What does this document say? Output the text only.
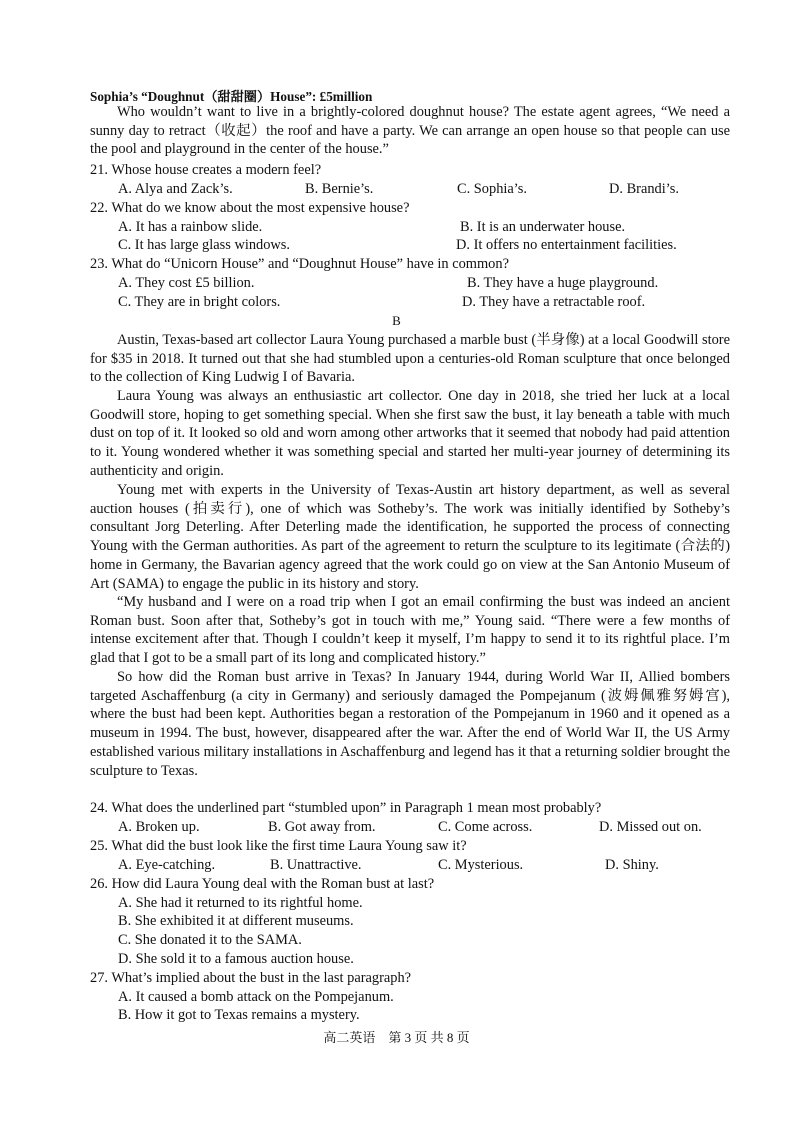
Sophia’s “Doughnut（甜甜圈）House”: £5million

Who wouldn’t want to live in a brightly-colored doughnut house? The estate agent agrees, “We need a sunny day to retract（收起）the roof and have a party. We can arrange an open house so that people can use the pool and playground in the center of the house.”

21. Whose house creates a modern feel?
A. Alya and Zack’s.	B. Bernie’s.	C. Sophia’s.	D. Brandi’s.
22. What do we know about the most expensive house?
A. It has a rainbow slide.	B. It is an underwater house.
C. It has large glass windows.	D. It offers no entertainment facilities.
23. What do “Unicorn House” and “Doughnut House” have in common?
A. They cost £5 billion.	B. They have a huge playground.
C. They are in bright colors.	D. They have a retractable roof.
B

Austin, Texas-based art collector Laura Young purchased a marble bust (半身像) at a local Goodwill store for $35 in 2018. It turned out that she had stumbled upon a centuries-old Roman sculpture that once belonged to the collection of King Ludwig I of Bavaria.

Laura Young was always an enthusiastic art collector. One day in 2018, she tried her luck at a local Goodwill store, hoping to get something special. When she first saw the bust, it lay beneath a table with much dust on top of it. It looked so old and worn among other artworks that it seemed that nobody had paid attention to it. Young wondered whether it was something special and started her multi-year journey of determining its authenticity and origin.

Young met with experts in the University of Texas-Austin art history department, as well as several auction houses (拍卖行), one of which was Sotheby’s. The work was initially identified by Sotheby’s consultant Jorg Deterling. After Deterling made the identification, he supported the process of connecting Young with the German authorities. As part of the agreement to return the sculpture to its legitimate (合法的) home in Germany, the Bavarian agency agreed that the work could go on view at the San Antonio Museum of Art (SAMA) to engage the public in its history and story.

“My husband and I were on a road trip when I got an email confirming the bust was indeed an ancient Roman bust. Soon after that, Sotheby’s got in touch with me,” Young said. “There were a few months of intense excitement after that. Though I couldn’t keep it myself, I’m happy to send it to its rightful place. I’m glad that I got to be a small part of its long and complicated history.”

So how did the Roman bust arrive in Texas? In January 1944, during World War II, Allied bombers targeted Aschaffenburg (a city in Germany) and seriously damaged the Pompejanum (波姆佩雅努姆宫), where the bust had been kept. Authorities began a restoration of the Pompejanum in 1960 and it opened as a museum in 1994. The bust, however, disappeared after the war. After the end of World War II, the US Army established various military installations in Aschaffenburg and legend has it that a returning soldier brought the sculpture to Texas.

24. What does the underlined part “stumbled upon” in Paragraph 1 mean most probably?
A. Broken up.	B. Got away from.	C. Come across.	D. Missed out on.
25. What did the bust look like the first time Laura Young saw it?
A. Eye-catching.	B. Unattractive.	C. Mysterious.	D. Shiny.
26. How did Laura Young deal with the Roman bust at last?
A. She had it returned to its rightful home.
B. She exhibited it at different museums.
C. She donated it to the SAMA.
D. She sold it to a famous auction house.
27. What’s implied about the bust in the last paragraph?
A. It caused a bomb attack on the Pompejanum.
B. How it got to Texas remains a mystery.
高二英语　第 3 页 共 8 页
